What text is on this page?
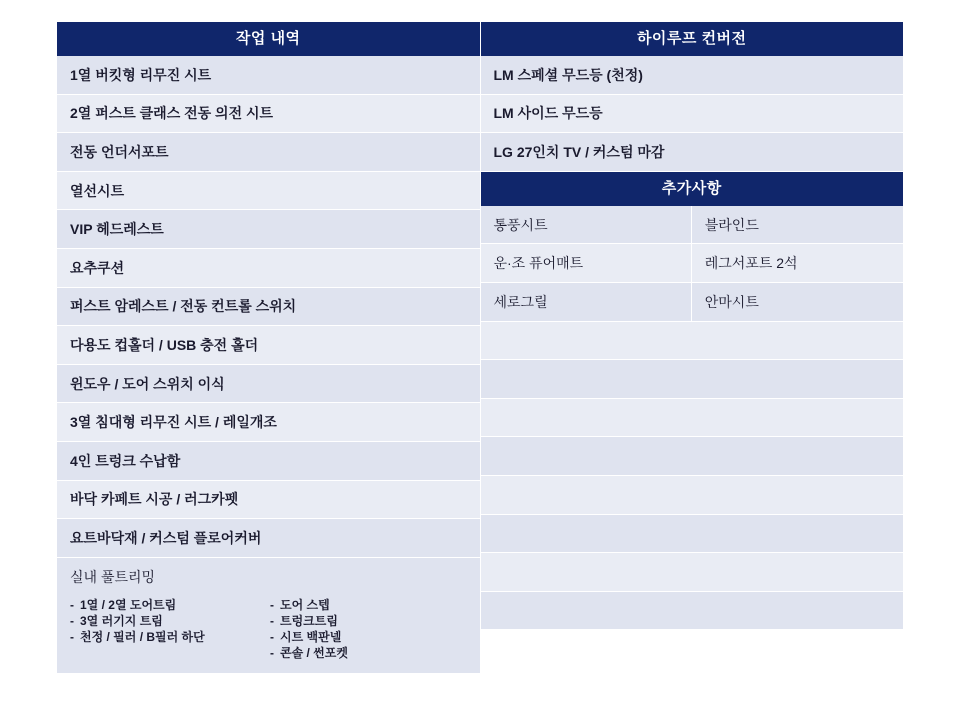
작업 내역
1열 버킷형 리무진 시트
2열 퍼스트 클래스 전동 의전 시트
전동 언더서포트
열선시트
VIP 헤드레스트
요추쿠션
퍼스트 암레스트 / 전동 컨트롤 스위치
다용도 컵홀더 / USB 충전 홀더
윈도우 / 도어 스위치 이식
3열 침대형 리무진 시트 / 레일개조
4인 트렁크 수납함
바닥 카페트 시공 / 러그카펫
요트바닥재 / 커스텀 플로어커버
실내 풀트리밍
- 1열 / 2열 도어트림
- 3열 러기지 트림
- 천정 / 필러 / B필러 하단
- 도어 스텝
- 트렁크트림
- 시트 백판넬
- 콘솔 / 썬포켓
하이루프 컨버전
LM 스페셜 무드등 (천정)
LM 사이드 무드등
LG 27인치 TV / 커스텀 마감
추가사항
통풍시트	블라인드
운·조 퓨어매트	레그서포트 2석
세로그릴	안마시트
